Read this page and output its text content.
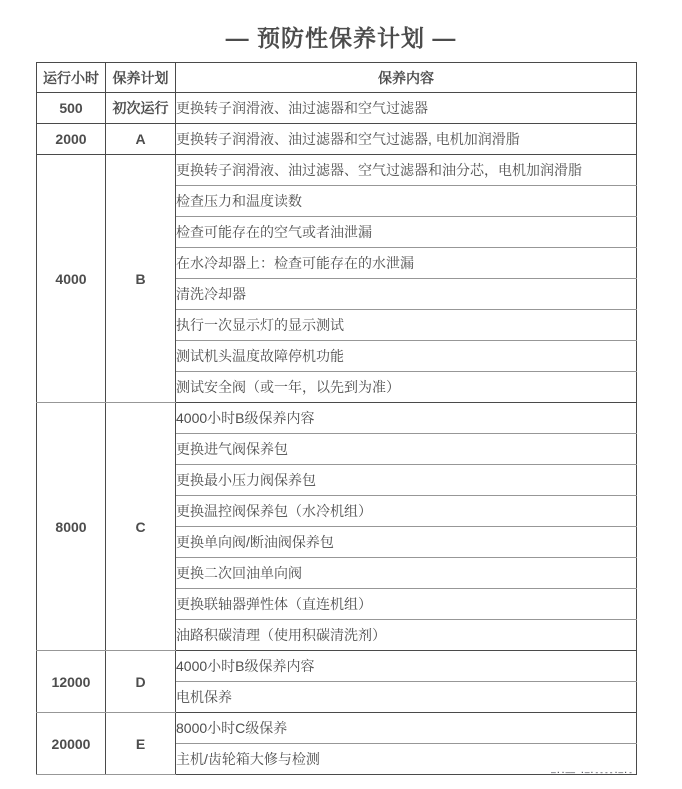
— 预防性保养计划 —
运行小时	保养计划	保养内容
500	初次运行	更换转子润滑液、油过滤器和空气过滤器
2000	A	更换转子润滑液、油过滤器和空气过滤器, 电机加润滑脂
4000	B	更换转子润滑液、油过滤器、空气过滤器和油分芯，电机加润滑脂
		检查压力和温度读数
		检查可能存在的空气或者油泄漏
		在水冷却器上：检查可能存在的水泄漏
		清洗冷却器
		执行一次显示灯的显示测试
		测试机头温度故障停机功能
		测试安全阀（或一年，以先到为准）
8000	C	4000小时B级保养内容
		更换进气阀保养包
		更换最小压力阀保养包
		更换温控阀保养包（水冷机组）
		更换单向阀/断油阀保养包
		更换二次回油单向阀
		更换联轴器弹性体（直连机组）
		油路积碳清理（使用积碳清洗剂）
12000	D	4000小时B级保养内容
		电机保养
20000	E	8000小时C级保养
		主机/齿轮箱大修与检测
—··—— ·—·----·—·-
